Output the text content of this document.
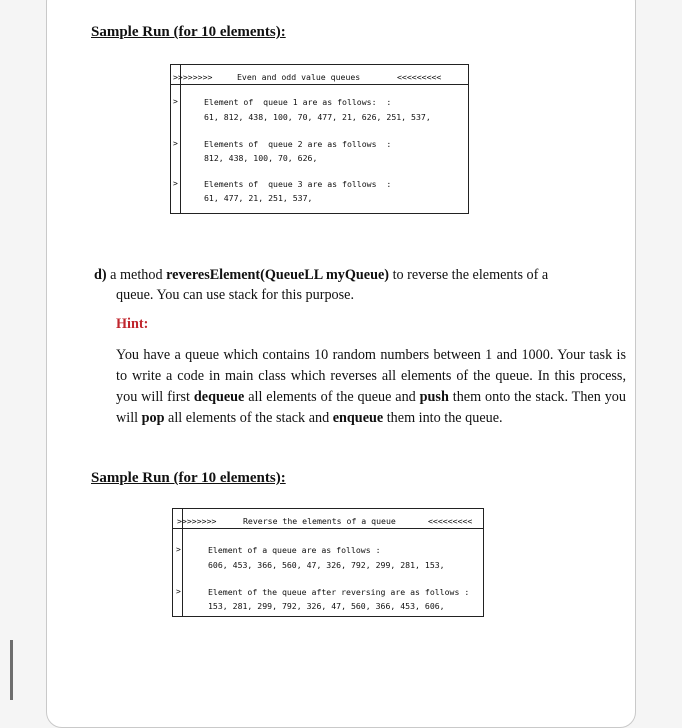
Sample Run (for 10 elements):
>>>>>>>>	Even and odd value queues	<<<<<<<<<
>	Element of  queue 1 are as follows:  :
61, 812, 438, 100, 70, 477, 21, 626, 251, 537,
>	Elements of  queue 2 are as follows  :
812, 438, 100, 70, 626,
>	Elements of  queue 3 are as follows  :
61, 477, 21, 251, 537,
d) a method reveresElement(QueueLL myQueue) to reverse the elements of a
queue. You can use stack for this purpose.
Hint:
You have a queue which contains 10 random numbers between 1 and 1000. Your task is to write a code in main class which reverses all elements of the queue. In this process, you will first dequeue all elements of the queue and push them onto the stack. Then you will pop all elements of the stack and enqueue them into the queue.
Sample Run (for 10 elements):
>>>>>>>>	Reverse the elements of a queue	<<<<<<<<<
>	Element of a queue are as follows :
606, 453, 366, 560, 47, 326, 792, 299, 281, 153,
>	Element of the queue after reversing are as follows :
153, 281, 299, 792, 326, 47, 560, 366, 453, 606,
